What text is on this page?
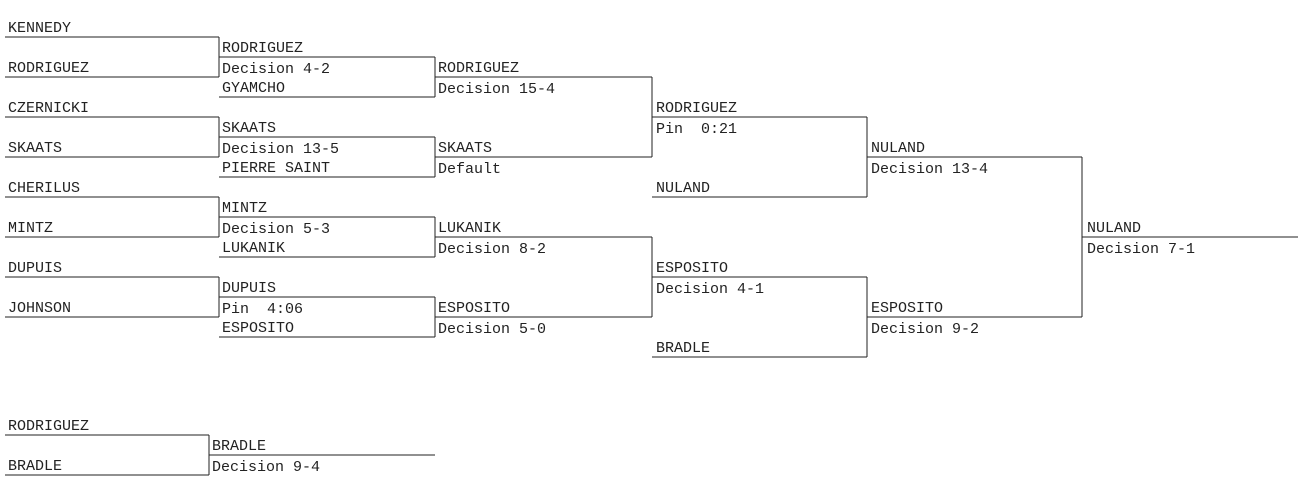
KENNEDY
RODRIGUEZ
CZERNICKI
SKAATS
CHERILUS
MINTZ
DUPUIS
JOHNSON
RODRIGUEZ
Decision 4-2
GYAMCHO
SKAATS
Decision 13-5
PIERRE SAINT
MINTZ
Decision 5-3
LUKANIK
DUPUIS
Pin  4:06
ESPOSITO
RODRIGUEZ
Decision 15-4
SKAATS
Default
LUKANIK
Decision 8-2
ESPOSITO
Decision 5-0
RODRIGUEZ
Pin  0:21
NULAND
ESPOSITO
Decision 4-1
BRADLE
NULAND
Decision 13-4
ESPOSITO
Decision 9-2
NULAND
Decision 7-1
RODRIGUEZ
BRADLE
BRADLE
Decision 9-4
